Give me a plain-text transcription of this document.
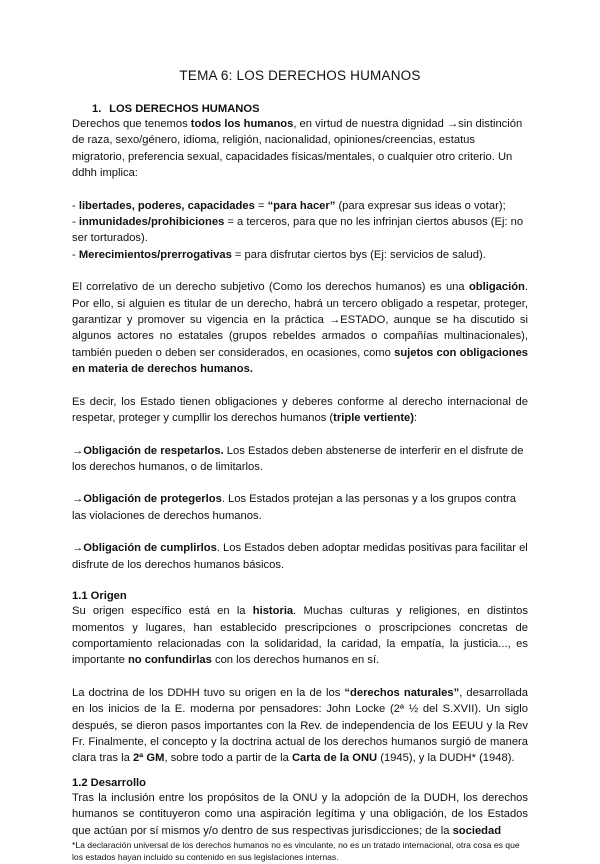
TEMA 6: LOS DERECHOS HUMANOS
1. LOS DERECHOS HUMANOS

Derechos que tenemos todos los humanos, en virtud de nuestra dignidad →sin distinción de raza, sexo/género, idioma, religión, nacionalidad, opiniones/creencias, estatus migratorio, preferencia sexual, capacidades físicas/mentales, o cualquier otro criterio. Un ddhh implica:

- libertades, poderes, capacidades = “para hacer” (para expresar sus ideas o votar);

- inmunidades/prohibiciones = a terceros, para que no les infrinjan ciertos abusos (Ej: no ser torturados).

- Merecimientos/prerrogativas = para disfrutar ciertos bys (Ej: servicios de salud).

El correlativo de un derecho subjetivo (Como los derechos humanos) es una obligación. Por ello, si alguien es titular de un derecho, habrá un tercero obligado a respetar, proteger, garantizar y promover su vigencia en la práctica →ESTADO, aunque se ha discutido si algunos actores no estatales (grupos rebeldes armados o compañías multinacionales), también pueden o deben ser considerados, en ocasiones, como sujetos con obligaciones en materia de derechos humanos.

Es decir, los Estado tienen obligaciones y deberes conforme al derecho internacional de respetar, proteger y cumpllir los derechos humanos (triple vertiente):

→Obligación de respetarlos. Los Estados deben abstenerse de interferir en el disfrute de los derechos humanos, o de limitarlos.

→Obligación de protegerlos. Los Estados protejan a las personas y a los grupos contra las violaciones de derechos humanos.

→Obligación de cumplirlos. Los Estados deben adoptar medidas positivas para facilitar el disfrute de los derechos humanos básicos.

1.1 Origen

Su origen específico está en la historia. Muchas culturas y religiones, en distintos momentos y lugares, han establecido prescripciones o proscripciones concretas de comportamiento relacionadas con la solidaridad, la caridad, la empatía, la justicia..., es importante no confundirlas con los derechos humanos en sí.

La doctrina de los DDHH tuvo su origen en la de los “derechos naturales”, desarrollada en los inicios de la E. moderna por pensadores: John Locke (2ª ½ del S.XVII). Un siglo después, se dieron pasos importantes con la Rev. de independencia de los EEUU y la Rev Fr. Finalmente, el concepto y la doctrina actual de los derechos humanos surgió de manera clara tras la 2ª GM, sobre todo a partir de la Carta de la ONU (1945), y la DUDH* (1948).

1.2 Desarrollo

Tras la inclusión entre los propósitos de la ONU y la adopción de la DUDH, los derechos humanos se contituyeron como una aspiración legítima y una obligación, de los Estados que actúan por sí mismos y/o dentro de sus respectivas jurisdicciones; de la sociedad

*La declaración universal de los derechos humanos no es vinculante, no es un tratado internacional, otra cosa es que los estados hayan incluido su contenido en sus legislaciones internas.
